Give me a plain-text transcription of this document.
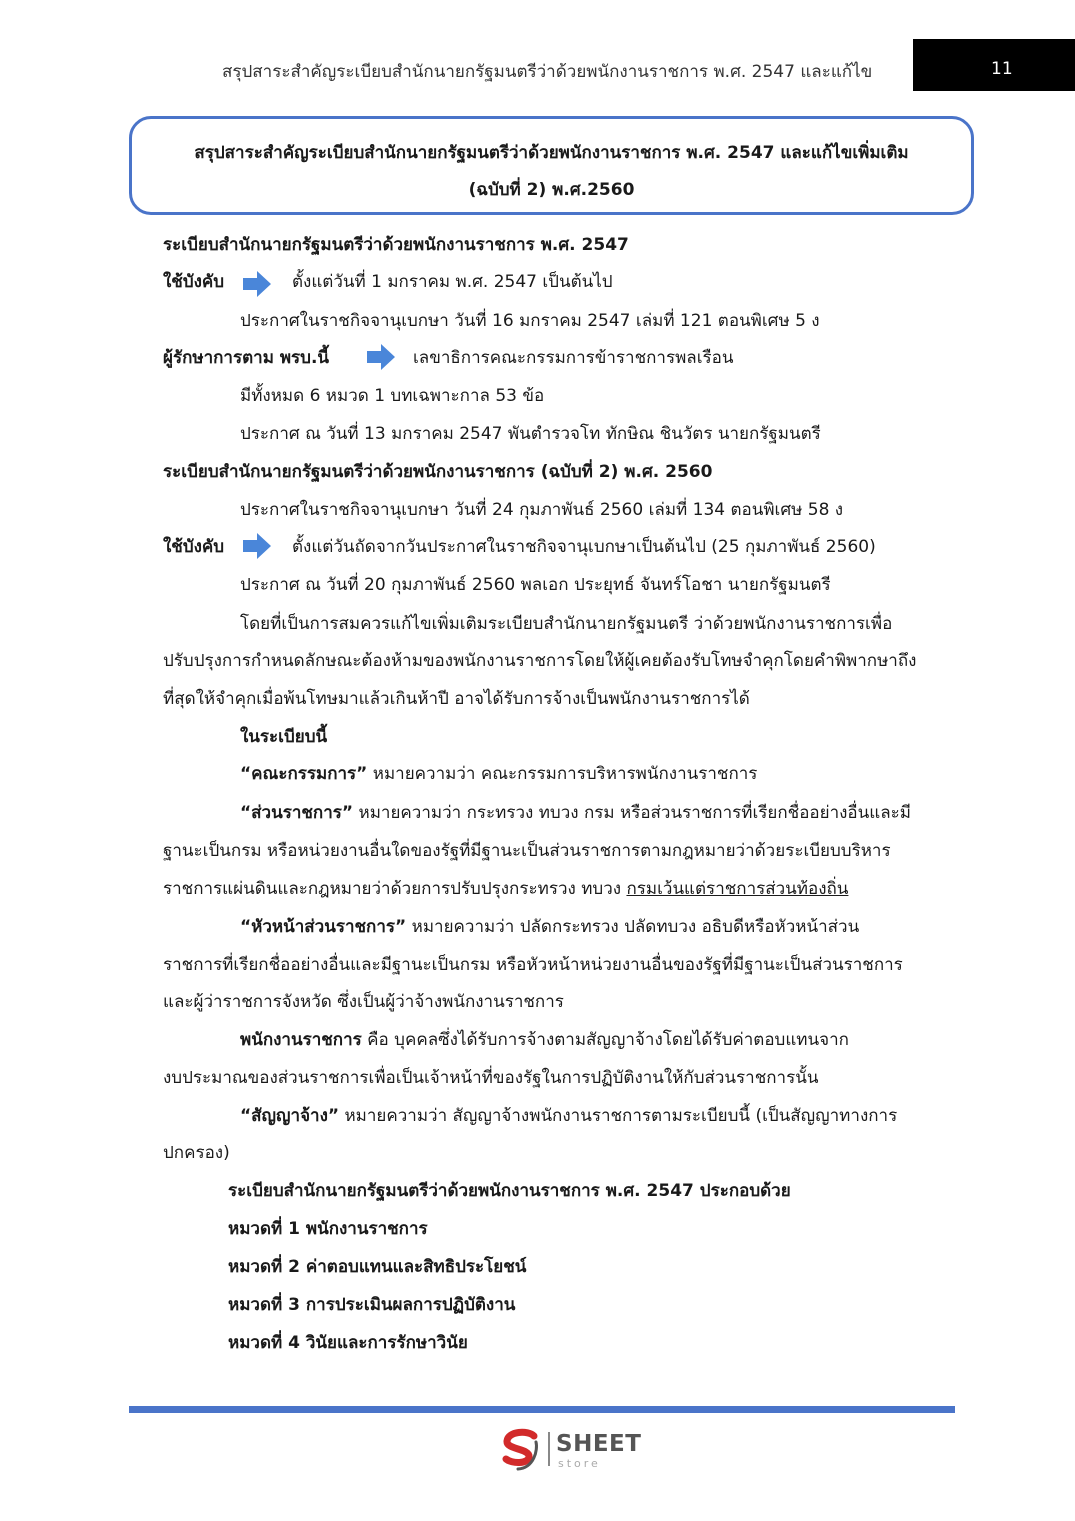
สรุปสาระสำคัญระเบียบสำนักนายกรัฐมนตรีว่าด้วยพนักงานราชการ พ.ศ. 2547 และแก้ไข	11
สรุปสาระสำคัญระเบียบสำนักนายกรัฐมนตรีว่าด้วยพนักงานราชการ พ.ศ. 2547 และแก้ไขเพิ่มเติม
(ฉบับที่ 2) พ.ศ.2560
ระเบียบสำนักนายกรัฐมนตรีว่าด้วยพนักงานราชการ พ.ศ. 2547
ใช้บังคับ	ตั้งแต่วันที่ 1 มกราคม พ.ศ. 2547 เป็นต้นไป
ประกาศในราชกิจจานุเบกษา วันที่ 16 มกราคม 2547 เล่มที่ 121 ตอนพิเศษ 5 ง
ผู้รักษาการตาม พรบ.นี้	เลขาธิการคณะกรรมการข้าราชการพลเรือน
มีทั้งหมด 6 หมวด 1 บทเฉพาะกาล 53 ข้อ
ประกาศ ณ วันที่ 13 มกราคม 2547 พันตำรวจโท ทักษิณ ชินวัตร นายกรัฐมนตรี
ระเบียบสำนักนายกรัฐมนตรีว่าด้วยพนักงานราชการ (ฉบับที่ 2) พ.ศ. 2560
ประกาศในราชกิจจานุเบกษา วันที่ 24 กุมภาพันธ์ 2560 เล่มที่ 134 ตอนพิเศษ 58 ง
ใช้บังคับ	ตั้งแต่วันถัดจากวันประกาศในราชกิจจานุเบกษาเป็นต้นไป (25 กุมภาพันธ์ 2560)
ประกาศ ณ วันที่ 20 กุมภาพันธ์ 2560 พลเอก ประยุทธ์ จันทร์โอชา นายกรัฐมนตรี
โดยที่เป็นการสมควรแก้ไขเพิ่มเติมระเบียบสำนักนายกรัฐมนตรี ว่าด้วยพนักงานราชการเพื่อ
ปรับปรุงการกำหนดลักษณะต้องห้ามของพนักงานราชการโดยให้ผู้เคยต้องรับโทษจำคุกโดยคำพิพากษาถึง
ที่สุดให้จำคุกเมื่อพ้นโทษมาแล้วเกินห้าปี อาจได้รับการจ้างเป็นพนักงานราชการได้
ในระเบียบนี้
“คณะกรรมการ” หมายความว่า คณะกรรมการบริหารพนักงานราชการ
“ส่วนราชการ” หมายความว่า กระทรวง ทบวง กรม หรือส่วนราชการที่เรียกชื่ออย่างอื่นและมี
ฐานะเป็นกรม หรือหน่วยงานอื่นใดของรัฐที่มีฐานะเป็นส่วนราชการตามกฎหมายว่าด้วยระเบียบบริหาร
ราชการแผ่นดินและกฎหมายว่าด้วยการปรับปรุงกระทรวง ทบวง กรมเว้นแต่ราชการส่วนท้องถิ่น
“หัวหน้าส่วนราชการ” หมายความว่า ปลัดกระทรวง ปลัดทบวง อธิบดีหรือหัวหน้าส่วน
ราชการที่เรียกชื่ออย่างอื่นและมีฐานะเป็นกรม หรือหัวหน้าหน่วยงานอื่นของรัฐที่มีฐานะเป็นส่วนราชการ
และผู้ว่าราชการจังหวัด ซึ่งเป็นผู้ว่าจ้างพนักงานราชการ
พนักงานราชการ คือ บุคคลซึ่งได้รับการจ้างตามสัญญาจ้างโดยได้รับค่าตอบแทนจาก
งบประมาณของส่วนราชการเพื่อเป็นเจ้าหน้าที่ของรัฐในการปฏิบัติงานให้กับส่วนราชการนั้น
“สัญญาจ้าง” หมายความว่า สัญญาจ้างพนักงานราชการตามระเบียบนี้ (เป็นสัญญาทางการ
ปกครอง)
ระเบียบสำนักนายกรัฐมนตรีว่าด้วยพนักงานราชการ พ.ศ. 2547 ประกอบด้วย
หมวดที่ 1 พนักงานราชการ
หมวดที่ 2 ค่าตอบแทนและสิทธิประโยชน์
หมวดที่ 3 การประเมินผลการปฏิบัติงาน
หมวดที่ 4 วินัยและการรักษาวินัย
SHEET
store
